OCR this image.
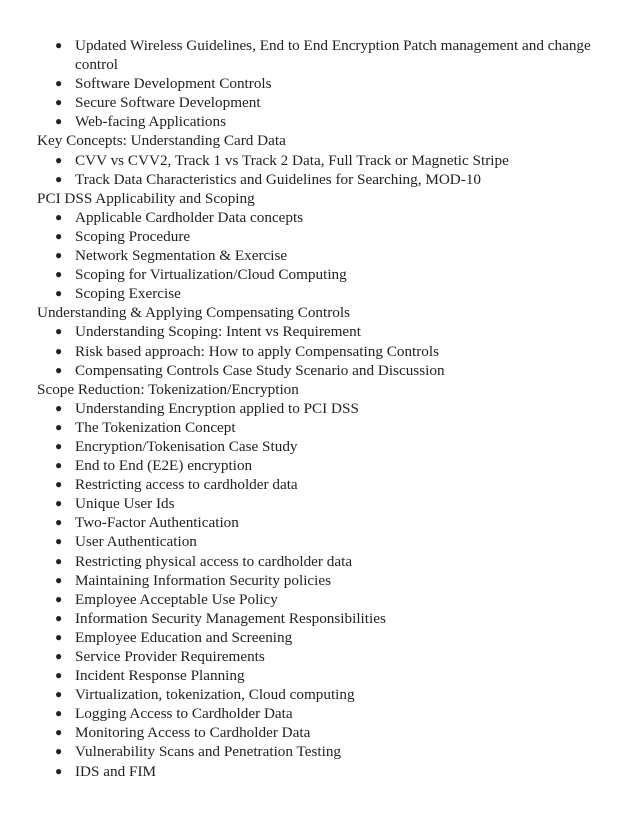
● Updated Wireless Guidelines, End to End Encryption Patch management and change control
● Software Development Controls
● Secure Software Development
● Web-facing Applications
Key Concepts: Understanding Card Data
● CVV vs CVV2, Track 1 vs Track 2 Data, Full Track or Magnetic Stripe
● Track Data Characteristics and Guidelines for Searching, MOD-10
PCI DSS Applicability and Scoping
● Applicable Cardholder Data concepts
● Scoping Procedure
● Network Segmentation & Exercise
● Scoping for Virtualization/Cloud Computing
● Scoping Exercise
Understanding & Applying Compensating Controls
● Understanding Scoping: Intent vs Requirement
● Risk based approach: How to apply Compensating Controls
● Compensating Controls Case Study Scenario and Discussion
Scope Reduction: Tokenization/Encryption
● Understanding Encryption applied to PCI DSS
● The Tokenization Concept
● Encryption/Tokenisation Case Study
● End to End (E2E) encryption
● Restricting access to cardholder data
● Unique User Ids
● Two-Factor Authentication
● User Authentication
● Restricting physical access to cardholder data
● Maintaining Information Security policies
● Employee Acceptable Use Policy
● Information Security Management Responsibilities
● Employee Education and Screening
● Service Provider Requirements
● Incident Response Planning
● Virtualization, tokenization, Cloud computing
● Logging Access to Cardholder Data
● Monitoring Access to Cardholder Data
● Vulnerability Scans and Penetration Testing
● IDS and FIM
